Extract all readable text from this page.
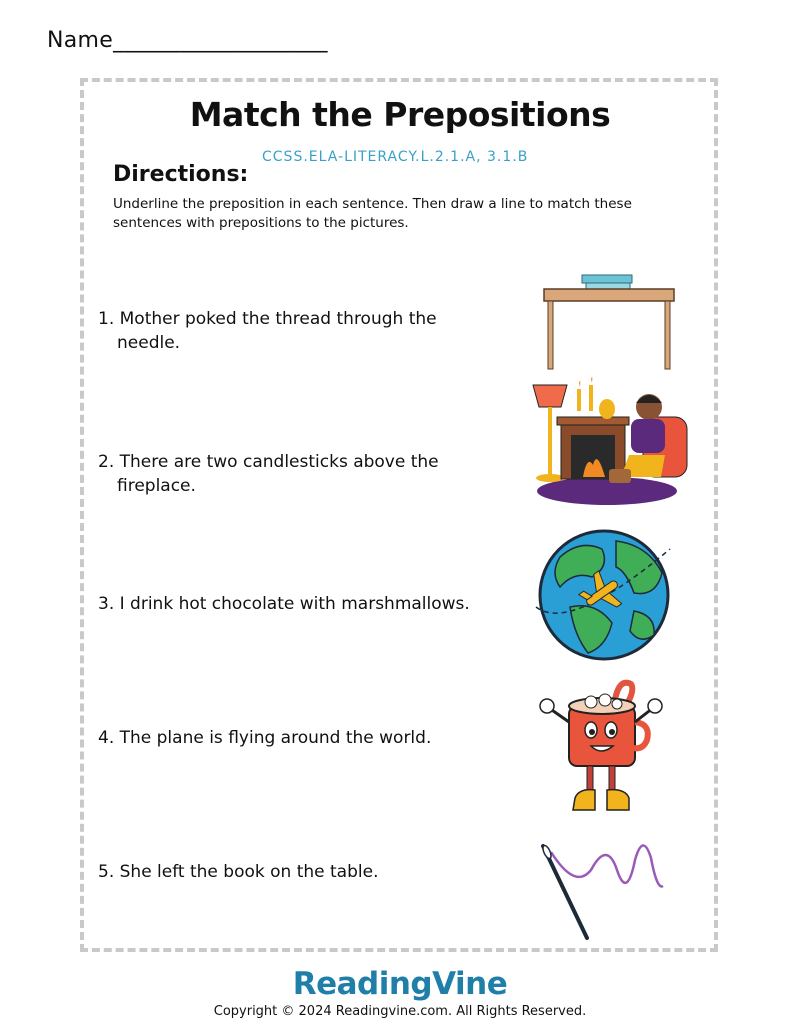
Name___________________
Match the Prepositions
CCSS.ELA-LITERACY.L.2.1.A, 3.1.B
Directions:
Underline the preposition in each sentence. Then draw a line to match these sentences with prepositions to the pictures.
1. Mother poked the thread through the
needle.
2. There are two candlesticks above the
fireplace.
3. I drink hot chocolate with marshmallows.
4. The plane is flying around the world.
5. She left the book on the table.
ReadingVine
Copyright © 2024 Readingvine.com. All Rights Reserved.
